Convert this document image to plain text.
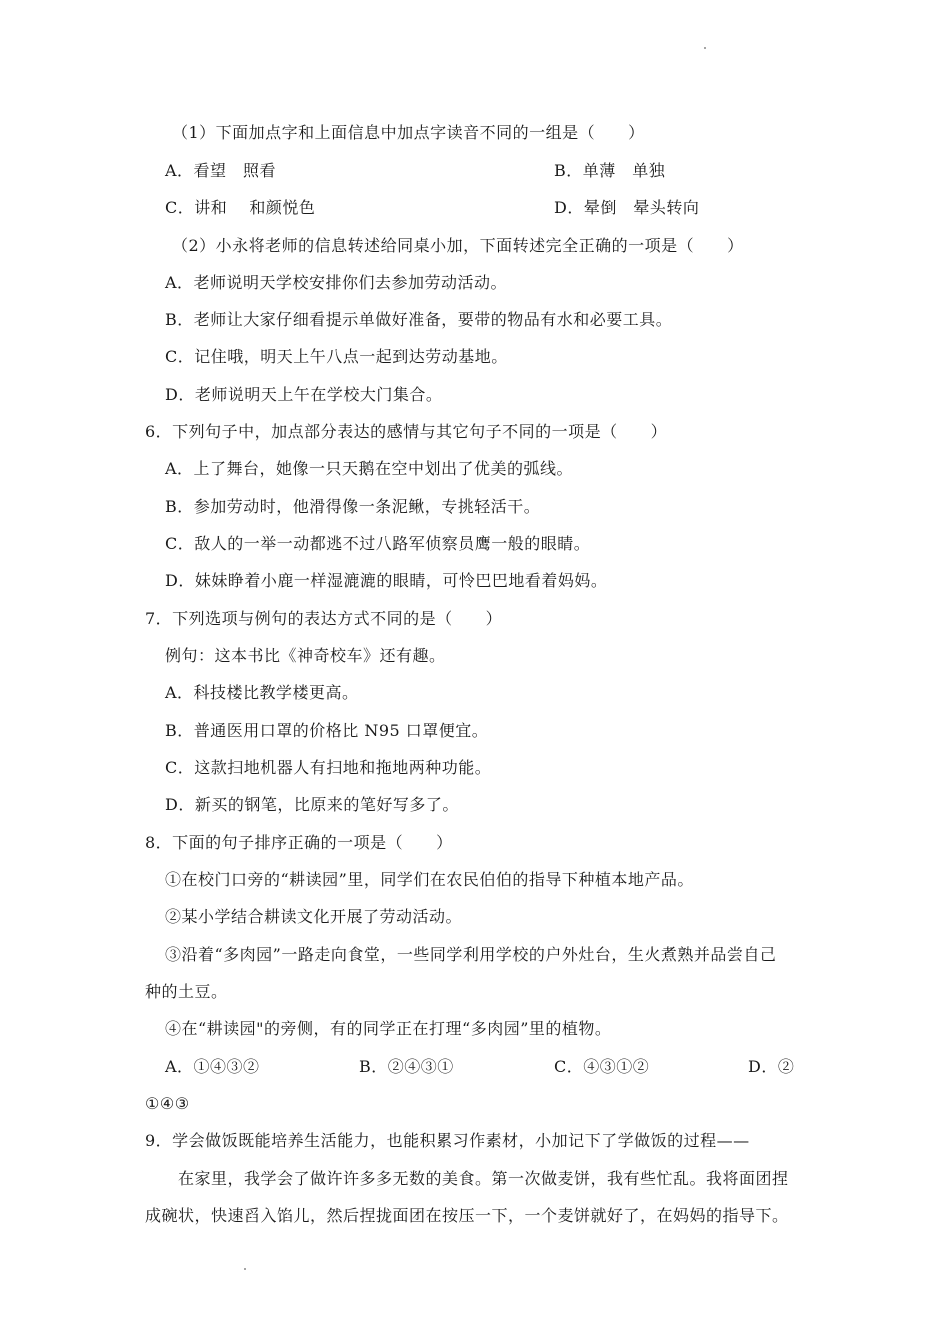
（1）下面加点字和上面信息中加点字读音不同的一组是（　　）
A．看望　照看	B．单薄　单独
C．讲和　 和颜悦色	D．晕倒　晕头转向
（2）小永将老师的信息转述给同桌小加，下面转述完全正确的一项是（　　）
A．老师说明天学校安排你们去参加劳动活动。
B．老师让大家仔细看提示单做好准备，要带的物品有水和必要工具。
C．记住哦，明天上午八点一起到达劳动基地。
D．老师说明天上午在学校大门集合。
6．下列句子中，加点部分表达的感情与其它句子不同的一项是（　　）
A．上了舞台，她像一只天鹅在空中划出了优美的弧线。
B．参加劳动时，他滑得像一条泥鳅，专挑轻活干。
C．敌人的一举一动都逃不过八路军侦察员鹰一般的眼睛。
D．妹妹睁着小鹿一样湿漉漉的眼睛，可怜巴巴地看着妈妈。
7．下列选项与例句的表达方式不同的是（　　）
例句：这本书比《神奇校车》还有趣。
A．科技楼比教学楼更高。
B．普通医用口罩的价格比 N95 口罩便宜。
C．这款扫地机器人有扫地和拖地两种功能。
D．新买的钢笔，比原来的笔好写多了。
8．下面的句子排序正确的一项是（　　）
①在校门口旁的“耕读园”里，同学们在农民伯伯的指导下种植本地产品。
②某小学结合耕读文化开展了劳动活动。
③沿着“多肉园”一路走向食堂，一些同学利用学校的户外灶台，生火煮熟并品尝自己
种的土豆。
④在“耕读园"的旁侧，有的同学正在打理“多肉园”里的植物。
A．①④③②	B．②④③①	C．④③①②	D．②
①④③
9．学会做饭既能培养生活能力，也能积累习作素材，小加记下了学做饭的过程——
在家里，我学会了做许许多多无数的美食。第一次做麦饼，我有些忙乱。我将面团捏
成碗状，快速舀入馅儿，然后捏拢面团在按压一下，一个麦饼就好了，在妈妈的指导下。
